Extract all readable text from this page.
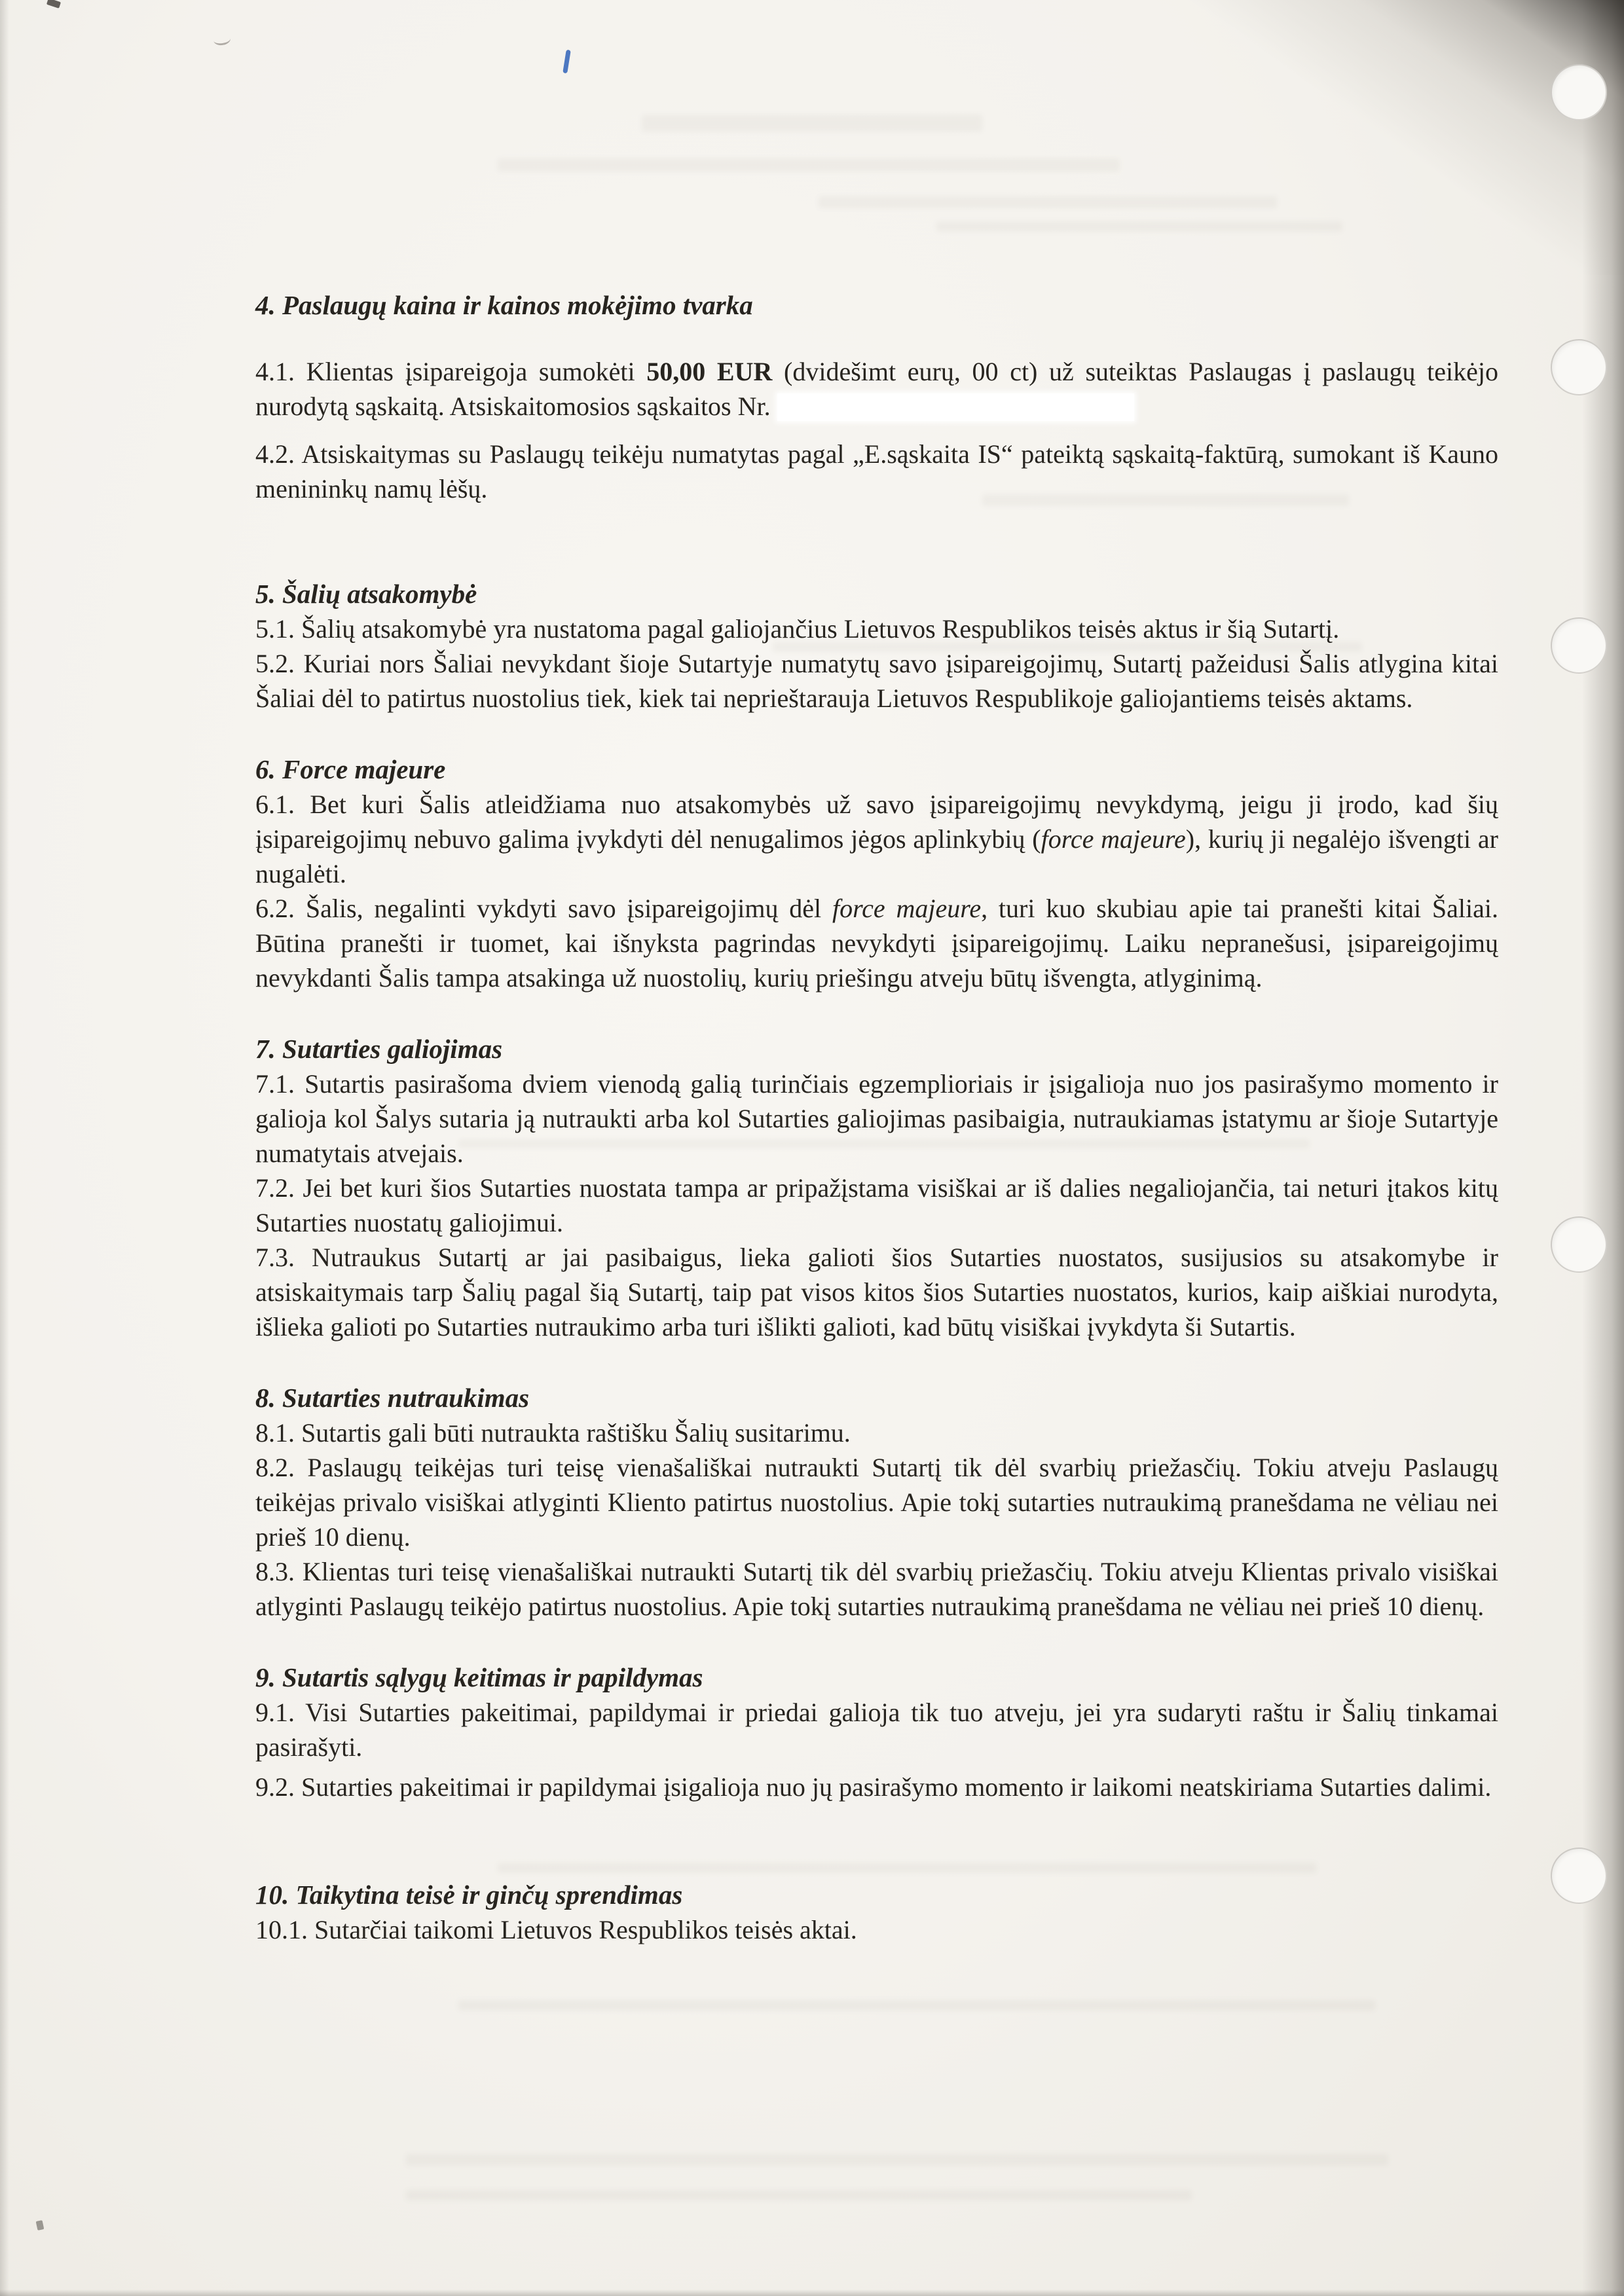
4. Paslaugų kaina ir kainos mokėjimo tvarka

4.1. Klientas įsipareigoja sumokėti 50,00 EUR (dvidešimt eurų, 00 ct) už suteiktas Paslaugas į paslaugų teikėjo nurodytą sąskaitą. Atsiskaitomosios sąskaitos Nr.

4.2. Atsiskaitymas su Paslaugų teikėju numatytas pagal „E.sąskaita IS“ pateiktą sąskaitą-faktūrą, sumokant iš Kauno menininkų namų lėšų.

5. Šalių atsakomybė

5.1. Šalių atsakomybė yra nustatoma pagal galiojančius Lietuvos Respublikos teisės aktus ir šią Sutartį.

5.2. Kuriai nors Šaliai nevykdant šioje Sutartyje numatytų savo įsipareigojimų, Sutartį pažeidusi Šalis atlygina kitai Šaliai dėl to patirtus nuostolius tiek, kiek tai neprieštarauja Lietuvos Respublikoje galiojantiems teisės aktams.

6. Force majeure

6.1. Bet kuri Šalis atleidžiama nuo atsakomybės už savo įsipareigojimų nevykdymą, jeigu ji įrodo, kad šių įsipareigojimų nebuvo galima įvykdyti dėl nenugalimos jėgos aplinkybių (force majeure), kurių ji negalėjo išvengti ar nugalėti.

6.2. Šalis, negalinti vykdyti savo įsipareigojimų dėl force majeure, turi kuo skubiau apie tai pranešti kitai Šaliai. Būtina pranešti ir tuomet, kai išnyksta pagrindas nevykdyti įsipareigojimų. Laiku nepranešusi, įsipareigojimų nevykdanti Šalis tampa atsakinga už nuostolių, kurių priešingu atveju būtų išvengta, atlyginimą.

7. Sutarties galiojimas

7.1. Sutartis pasirašoma dviem vienodą galią turinčiais egzemplioriais ir įsigalioja nuo jos pasirašymo momento ir galioja kol Šalys sutaria ją nutraukti arba kol Sutarties galiojimas pasibaigia, nutraukiamas įstatymu ar šioje Sutartyje numatytais atvejais.

7.2. Jei bet kuri šios Sutarties nuostata tampa ar pripažįstama visiškai ar iš dalies negaliojančia, tai neturi įtakos kitų Sutarties nuostatų galiojimui.

7.3. Nutraukus Sutartį ar jai pasibaigus, lieka galioti šios Sutarties nuostatos, susijusios su atsakomybe ir atsiskaitymais tarp Šalių pagal šią Sutartį, taip pat visos kitos šios Sutarties nuostatos, kurios, kaip aiškiai nurodyta, išlieka galioti po Sutarties nutraukimo arba turi išlikti galioti, kad būtų visiškai įvykdyta ši Sutartis.

8. Sutarties nutraukimas

8.1. Sutartis gali būti nutraukta raštišku Šalių susitarimu.

8.2. Paslaugų teikėjas turi teisę vienašališkai nutraukti Sutartį tik dėl svarbių priežasčių. Tokiu atveju Paslaugų teikėjas privalo visiškai atlyginti Kliento patirtus nuostolius. Apie tokį sutarties nutraukimą pranešdama ne vėliau nei prieš 10 dienų.

8.3. Klientas turi teisę vienašališkai nutraukti Sutartį tik dėl svarbių priežasčių. Tokiu atveju Klientas privalo visiškai atlyginti Paslaugų teikėjo patirtus nuostolius. Apie tokį sutarties nutraukimą pranešdama ne vėliau nei prieš 10 dienų.

9. Sutartis sąlygų keitimas ir papildymas

9.1. Visi Sutarties pakeitimai, papildymai ir priedai galioja tik tuo atveju, jei yra sudaryti raštu ir Šalių tinkamai pasirašyti.

9.2. Sutarties pakeitimai ir papildymai įsigalioja nuo jų pasirašymo momento ir laikomi neatskiriama Sutarties dalimi.

10. Taikytina teisė ir ginčų sprendimas

10.1. Sutarčiai taikomi Lietuvos Respublikos teisės aktai.
